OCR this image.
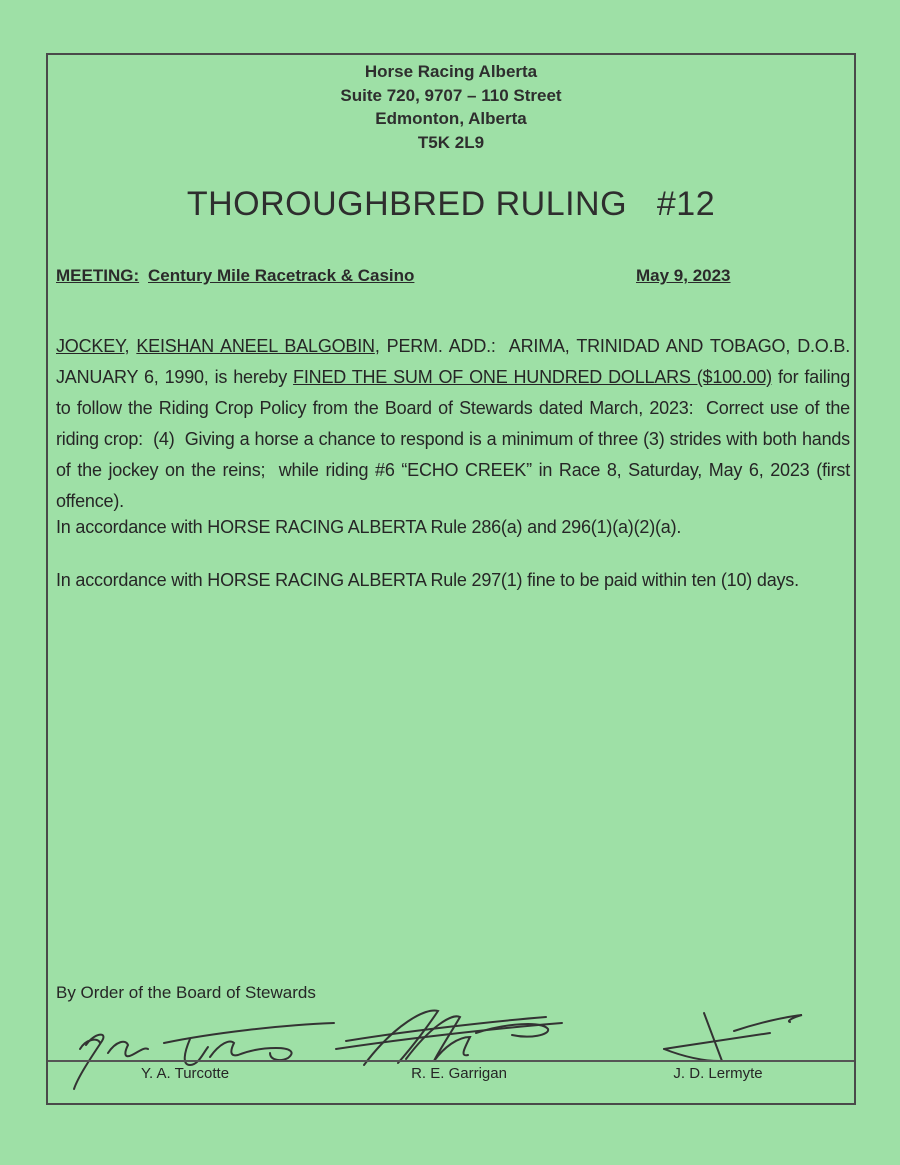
Horse Racing Alberta
Suite 720, 9707 – 110 Street
Edmonton, Alberta
T5K 2L9
THOROUGHBRED RULING   #12
MEETING: Century Mile Racetrack & Casino	May 9, 2023
JOCKEY, KEISHAN ANEEL BALGOBIN, PERM. ADD.:  ARIMA, TRINIDAD AND TOBAGO, D.O.B. JANUARY 6, 1990, is hereby FINED THE SUM OF ONE HUNDRED DOLLARS ($100.00) for failing to follow the Riding Crop Policy from the Board of Stewards dated March, 2023:  Correct use of the riding crop:  (4)  Giving a horse a chance to respond is a minimum of three (3) strides with both hands of the jockey on the reins;  while riding #6 “ECHO CREEK” in Race 8, Saturday, May 6, 2023 (first offence).
In accordance with HORSE RACING ALBERTA Rule 286(a) and 296(1)(a)(2)(a).
In accordance with HORSE RACING ALBERTA Rule 297(1) fine to be paid within ten (10) days.
By Order of the Board of Stewards
Y. A. Turcotte	R. E. Garrigan	J. D. Lermyte
